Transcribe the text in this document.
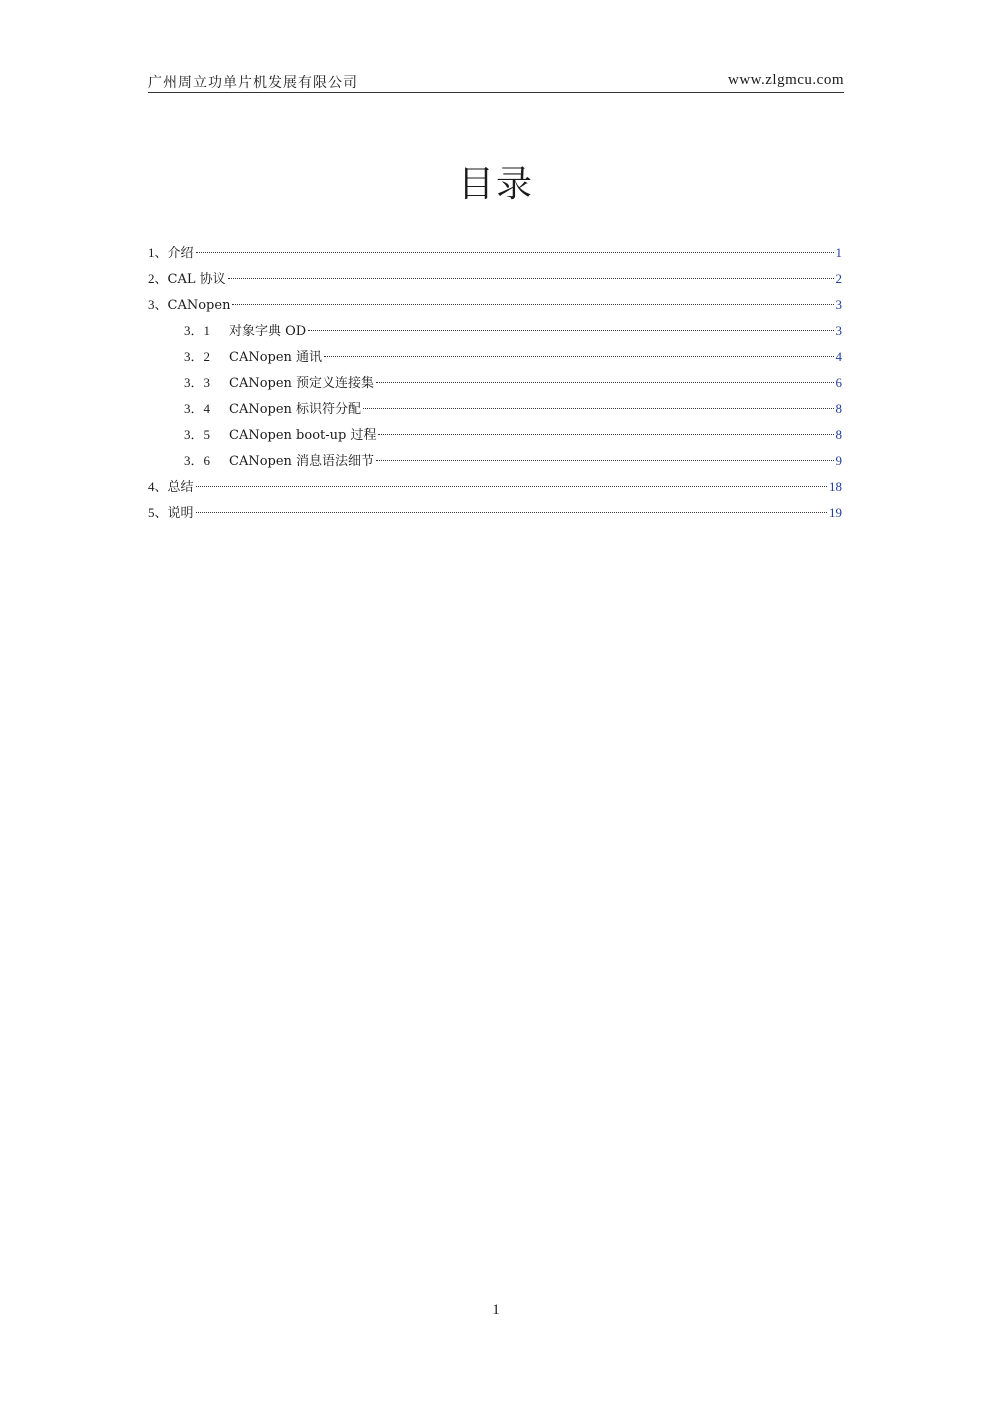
广州周立功单片机发展有限公司	www.zlgmcu.com
目录
1、 介绍	1
2、 CAL 协议	2
3、 CANopen	3
3．1	对象字典 OD	3
3．2	CANopen 通讯	4
3．3	CANopen 预定义连接集	6
3．4	CANopen 标识符分配	8
3．5	CANopen boot-up 过程	8
3．6	CANopen 消息语法细节	9
4、 总结	18
5、 说明	19
1
